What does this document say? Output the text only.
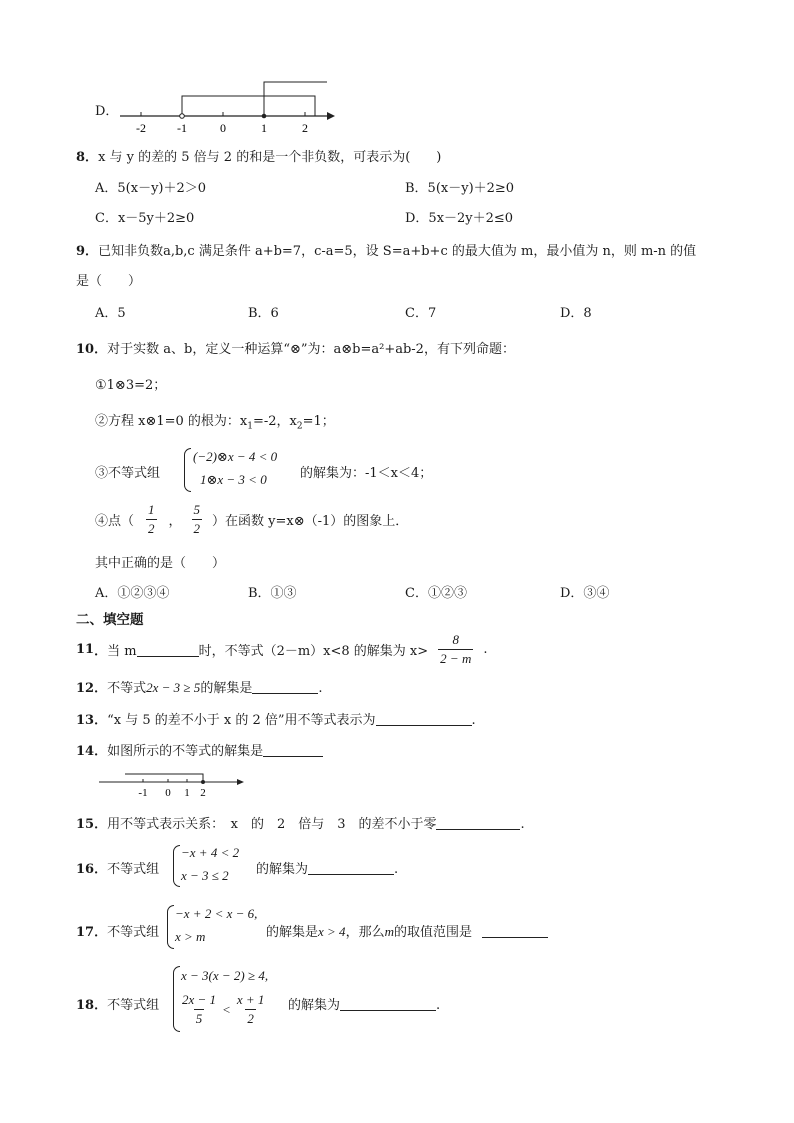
D．
-2	-1	0	1	2
8．x 与 y 的差的 5 倍与 2 的和是一个非负数，可表示为(　　)
A．5(x－y)＋2＞0	B．5(x－y)＋2≥0
C．x－5y＋2≥0	D．5x－2y＋2≤0
9．已知非负数a,b,c 满足条件 a+b=7，c-a=5，设 S=a+b+c 的最大值为 m，最小值为 n，则 m-n 的值
是（　　）
A．5	B．6	C．7	D．8
10．对于实数 a、b，定义一种运算“⊗”为：a⊗b=a²+ab-2，有下列命题：
①1⊗3=2；
②方程 x⊗1=0 的根为：$x_1=-2$，$x_2=1$；
③不等式组
(−2)⊗x − 4 < 0
1⊗x − 3 < 0	的解集为：-1＜x＜4；
④点（ $\frac{1}{2}$ ， $\frac{5}{2}$ ）在函数 y=x⊗（-1）的图象上．
其中正确的是（　　）
A．①②③④	B．①③	C．①②③	D．③④
二、填空题
11 ． 当 m	时，不等式（2－m）x<8 的解集为 $x> \frac{8}{2 - m}$ .
12．不等式2x − 3 ≥ 5的解集是	.
13．“x 与 5 的差不小于 x 的 2 倍”用不等式表示为	.
14．如图所示的不等式的解集是
-1 0 1 2
15．用不等式表示关系：　x　的　2　倍与　3　的差不小于零	.
16．不等式组
−x + 4 < 2
x − 3 ≤ 2 的解集为	.
17．不等式组
−x + 2 < x − 6,
x > m	的解集是x > 4，那么m的取值范围是
18．不等式组
x − 3(x − 2) ≥ 4,
$\frac{2x - 1}{5} < \frac{x + 1}{2}$ 的解集为	.
